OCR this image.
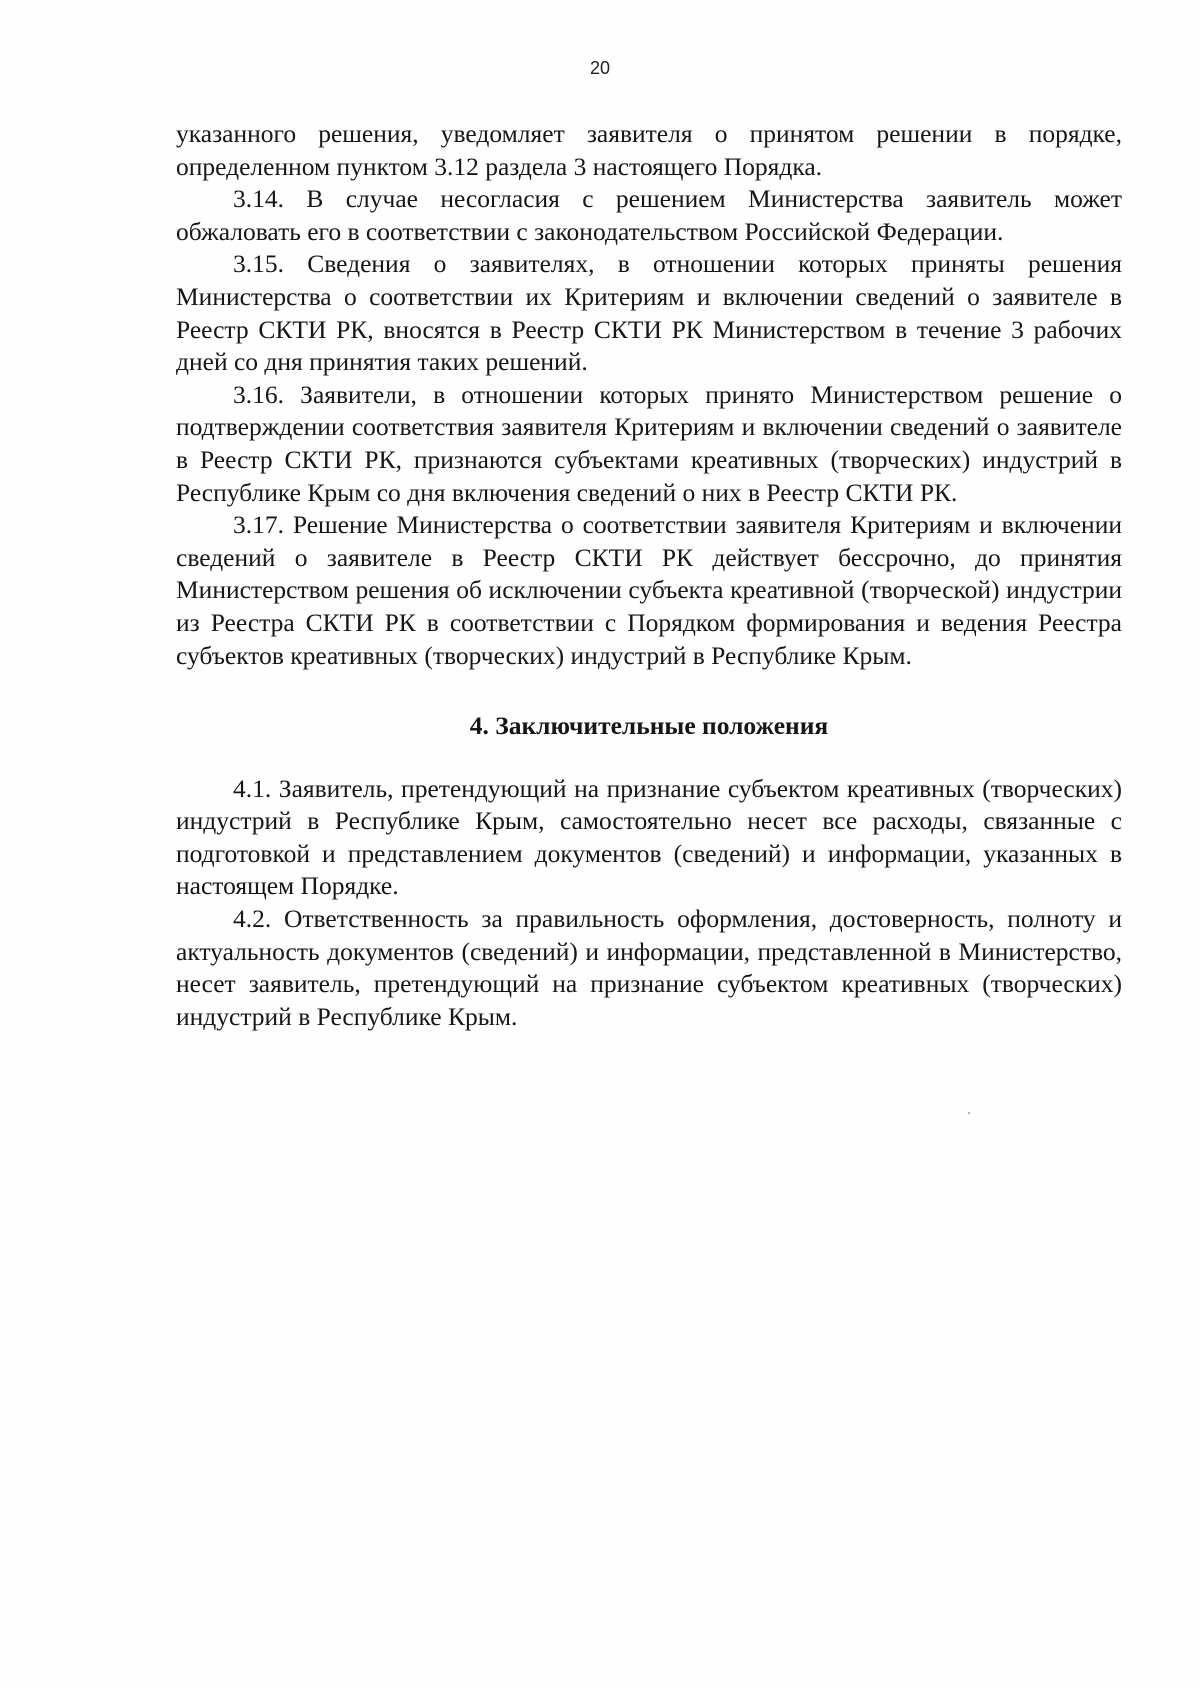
20

указанного решения, уведомляет заявителя о принятом решении в порядке, определенном пунктом 3.12 раздела 3 настоящего Порядка.

3.14. В случае несогласия с решением Министерства заявитель может обжаловать его в соответствии с законодательством Российской Федерации.

3.15. Сведения о заявителях, в отношении которых приняты решения Министерства о соответствии их Критериям и включении сведений о заявителе в Реестр СКТИ РК, вносятся в Реестр СКТИ РК Министерством в течение 3 рабочих дней со дня принятия таких решений.

3.16. Заявители, в отношении которых принято Министерством решение о подтверждении соответствия заявителя Критериям и включении сведений о заявителе в Реестр СКТИ РК, признаются субъектами креативных (творческих) индустрий в Республике Крым со дня включения сведений о них в Реестр СКТИ РК.

3.17. Решение Министерства о соответствии заявителя Критериям и включении сведений о заявителе в Реестр СКТИ РК действует бессрочно, до принятия Министерством решения об исключении субъекта креативной (творческой) индустрии из Реестра СКТИ РК в соответствии с Порядком формирования и ведения Реестра субъектов креативных (творческих) индустрий в Республике Крым.

4. Заключительные положения

4.1. Заявитель, претендующий на признание субъектом креативных (творческих) индустрий в Республике Крым, самостоятельно несет все расходы, связанные с подготовкой и представлением документов (сведений) и информации, указанных в настоящем Порядке.

4.2. Ответственность за правильность оформления, достоверность, полноту и актуальность документов (сведений) и информации, представленной в Министерство, несет заявитель, претендующий на признание субъектом креативных (творческих) индустрий в Республике Крым.
